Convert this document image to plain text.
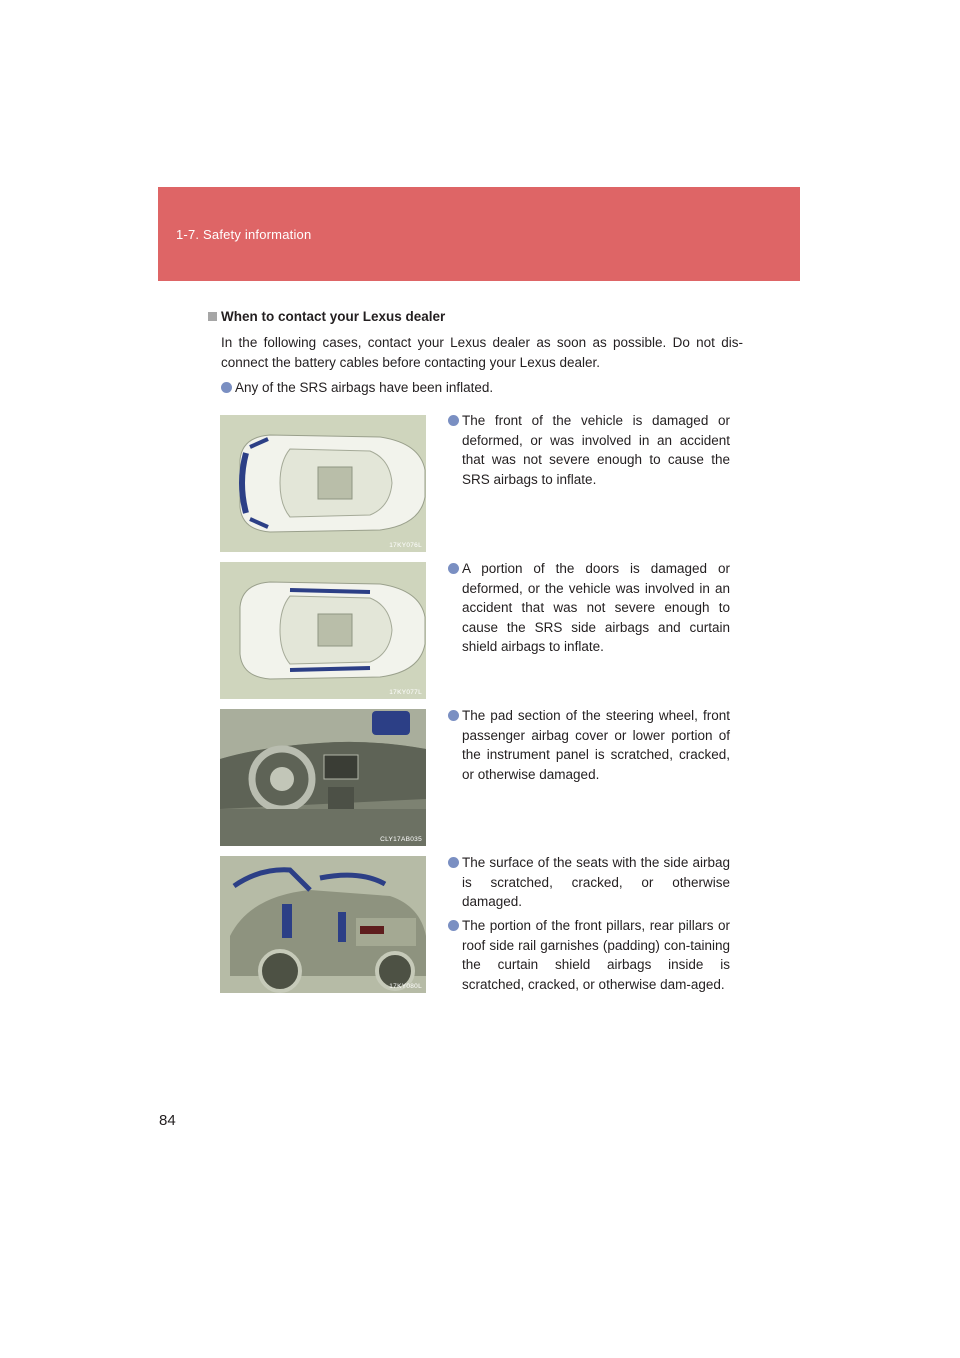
1-7. Safety information
When to contact your Lexus dealer
In the following cases, contact your Lexus dealer as soon as possible. Do not dis-connect the battery cables before contacting your Lexus dealer.
Any of the SRS airbags have been inflated.
17KY076L
The front of the vehicle is damaged or deformed, or was involved in an accident that was not severe enough to cause the SRS airbags to inflate.
17KY077L
A portion of the doors is damaged or deformed, or the vehicle was involved in an accident that was not severe enough to cause the SRS side airbags and curtain shield airbags to inflate.
CLY17AB035
The pad section of the steering wheel, front passenger airbag cover or lower portion of the instrument panel is scratched, cracked, or otherwise damaged.
17KY080L
The surface of the seats with the side airbag is scratched, cracked, or otherwise damaged.
The portion of the front pillars, rear pillars or roof side rail garnishes (padding) con-taining the curtain shield airbags inside is scratched, cracked, or otherwise dam-aged.
84
